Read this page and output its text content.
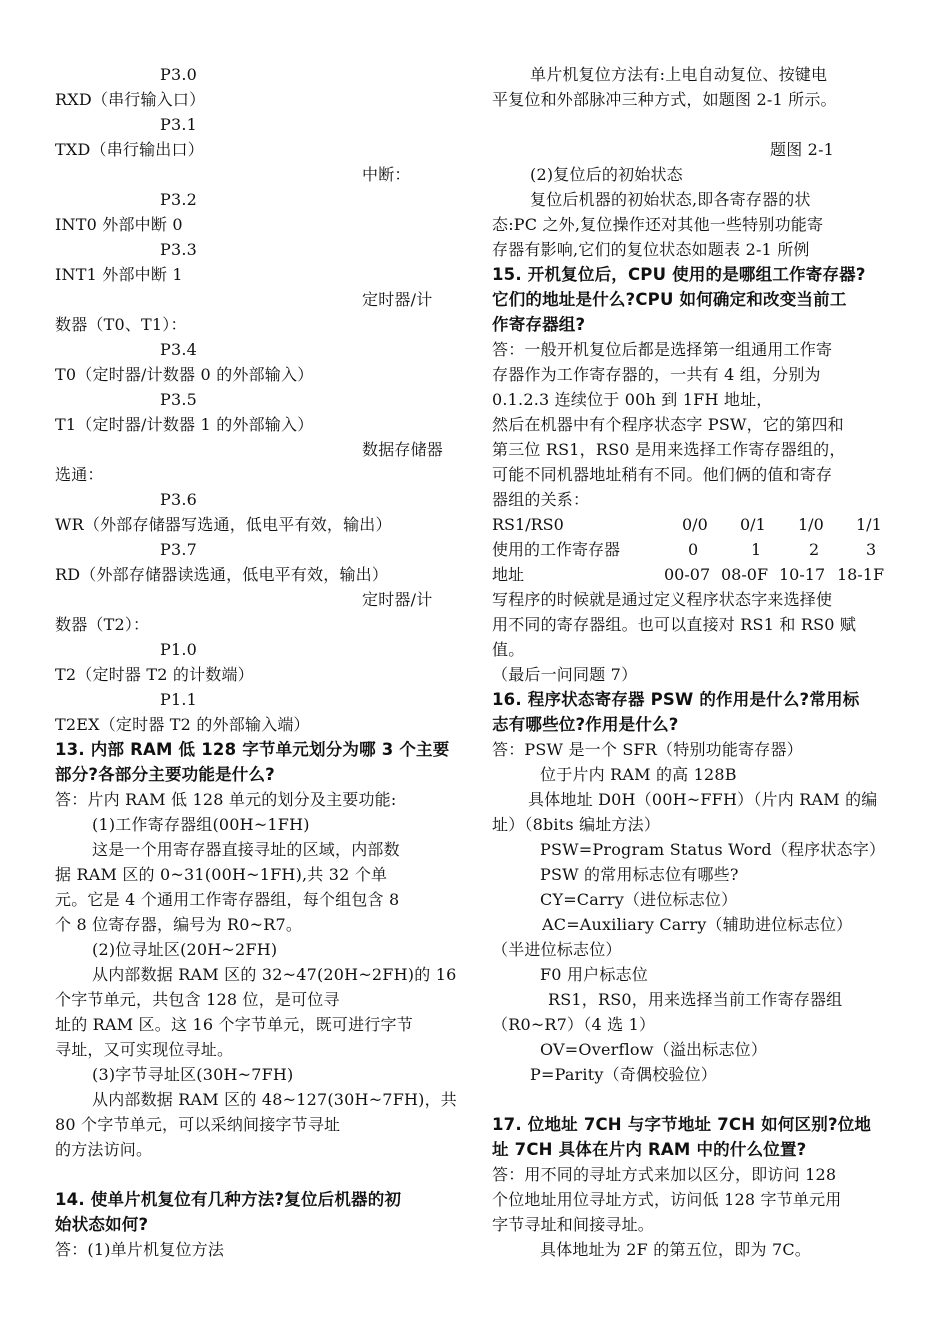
P3.0
RXD（串行输入口）
P3.1
TXD（串行输出口）
中断：
P3.2
INT0 外部中断 0
P3.3
INT1 外部中断 1
定时器/计
数器（T0、T1）：
P3.4
T0（定时器/计数器 0 的外部输入）
P3.5
T1（定时器/计数器 1 的外部输入）
数据存储器
选通：
P3.6
WR（外部存储器写选通，低电平有效，输出）
P3.7
RD（外部存储器读选通，低电平有效，输出）
定时器/计
数器（T2）：
P1.0
T2（定时器 T2 的计数端）
P1.1
T2EX（定时器 T2 的外部输入端）
13. 内部 RAM 低 128 字节单元划分为哪 3 个主要
部分?各部分主要功能是什么?
答：片内 RAM 低 128 单元的划分及主要功能:
(1)工作寄存器组(00H~1FH)
这是一个用寄存器直接寻址的区域，内部数
据 RAM 区的 0~31(00H~1FH),共 32 个单
元。它是 4 个通用工作寄存器组，每个组包含 8
个 8 位寄存器，编号为 R0~R7。
(2)位寻址区(20H~2FH)
从内部数据 RAM 区的 32~47(20H~2FH)的 16
个字节单元，共包含 128 位，是可位寻
址的 RAM 区。这 16 个字节单元，既可进行字节
寻址，又可实现位寻址。
(3)字节寻址区(30H~7FH)
从内部数据 RAM 区的 48~127(30H~7FH)，共
80 个字节单元，可以采纳间接字节寻址
的方法访问。
14. 使单片机复位有几种方法?复位后机器的初
始状态如何?
答：(1)单片机复位方法
单片机复位方法有:上电自动复位、按键电
平复位和外部脉冲三种方式，如题图 2-1 所示。
题图 2-1
(2)复位后的初始状态
复位后机器的初始状态,即各寄存器的状
态:PC 之外,复位操作还对其他一些特别功能寄
存器有影响,它们的复位状态如题表 2-1 所例
15. 开机复位后，CPU 使用的是哪组工作寄存器?
它们的地址是什么?CPU 如何确定和改变当前工
作寄存器组?
答：一般开机复位后都是选择第一组通用工作寄
存器作为工作寄存器的，一共有 4 组，分别为
0.1.2.3 连续位于 00h 到 1FH 地址，
然后在机器中有个程序状态字 PSW，它的第四和
第三位 RS1，RS0 是用来选择工作寄存器组的，
可能不同机器地址稍有不同。他们俩的值和寄存
器组的关系：
RS1/RS0	0/0 0/1 1/0 1/1
使用的工作寄存器	0	1	2	3
地址	00-07 08-0F 10-17 18-1F
写程序的时候就是通过定义程序状态字来选择使
用不同的寄存器组。也可以直接对 RS1 和 RS0 赋
值。
（最后一问同题 7）
16. 程序状态寄存器 PSW 的作用是什么?常用标
志有哪些位?作用是什么?
答：PSW 是一个 SFR（特别功能寄存器）
位于片内 RAM 的高 128B
具体地址 D0H（00H~FFH）（片内 RAM 的编
址）（8bits 编址方法）
PSW=Program Status Word（程序状态字）
PSW 的常用标志位有哪些?
CY=Carry（进位标志位）
AC=Auxiliary Carry（辅助进位标志位）
（半进位标志位）
F0 用户标志位
RS1，RS0，用来选择当前工作寄存器组
（R0~R7）（4 选 1）
OV=Overflow（溢出标志位）
P=Parity（奇偶校验位）
17. 位地址 7CH 与字节地址 7CH 如何区别?位地
址 7CH 具体在片内 RAM 中的什么位置?
答：用不同的寻址方式来加以区分，即访问 128
个位地址用位寻址方式，访问低 128 字节单元用
字节寻址和间接寻址。
具体地址为 2F 的第五位，即为 7C。
